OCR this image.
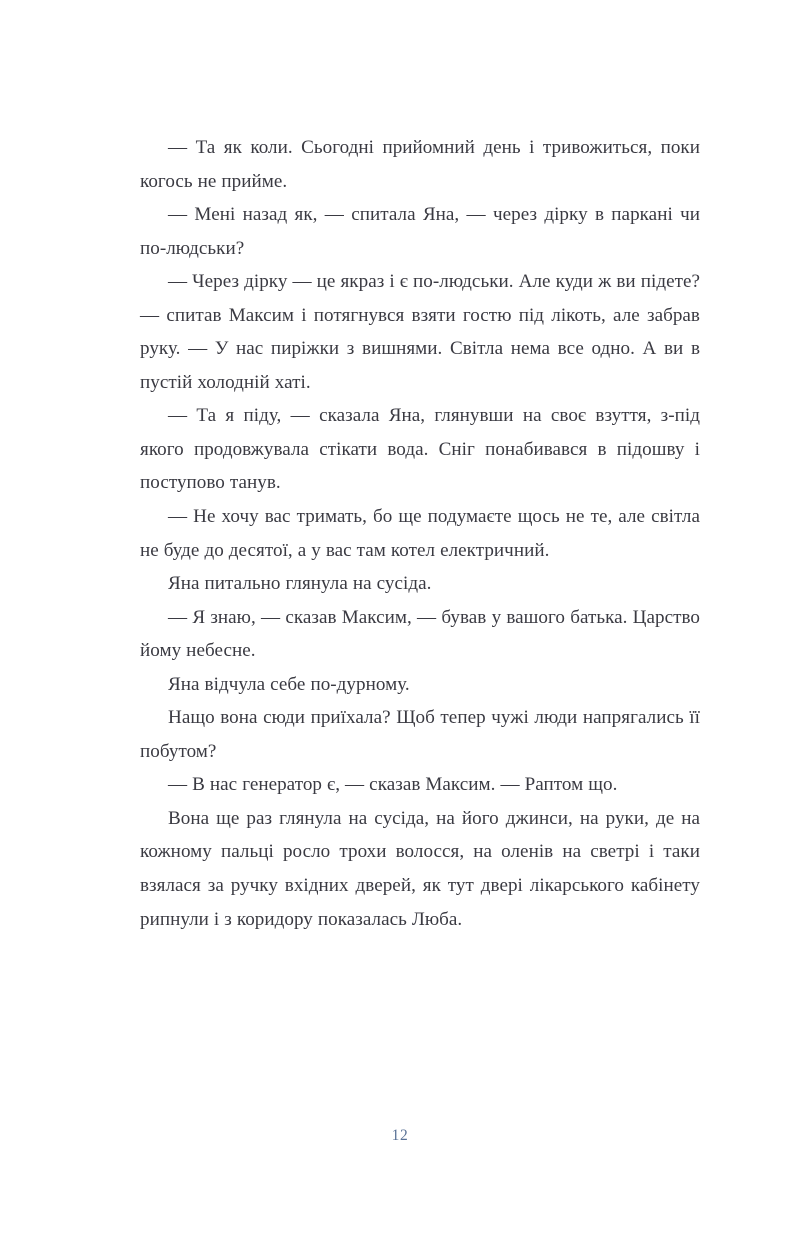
— Та як коли. Сьогодні прийомний день і тривожиться, поки когось не прийме.

— Мені назад як, — спитала Яна, — через дірку в паркані чи по-людськи?

— Через дірку — це якраз і є по-людськи. Але куди ж ви підете? — спитав Максим і потягнувся взяти гостю під лікоть, але забрав руку. — У нас пиріжки з вишнями. Світла нема все одно. А ви в пустій холодній хаті.

— Та я піду, — сказала Яна, глянувши на своє взуття, з-під якого продовжувала стікати вода. Сніг понабивався в підошву і поступово танув.

— Не хочу вас тримать, бо ще подумаєте щось не те, але світла не буде до десятої, а у вас там котел електричний.

Яна питально глянула на сусіда.

— Я знаю, — сказав Максим, — бував у вашого батька. Царство йому небесне.

Яна відчула себе по-дурному.

Нащо вона сюди приїхала? Щоб тепер чужі люди напрягались її побутом?

— В нас генератор є, — сказав Максим. — Раптом що.

Вона ще раз глянула на сусіда, на його джинси, на руки, де на кожному пальці росло трохи волосся, на оленів на светрі і таки взялася за ручку вхідних дверей, як тут двері лікарського кабінету рипнули і з коридору показалась Люба.

12
